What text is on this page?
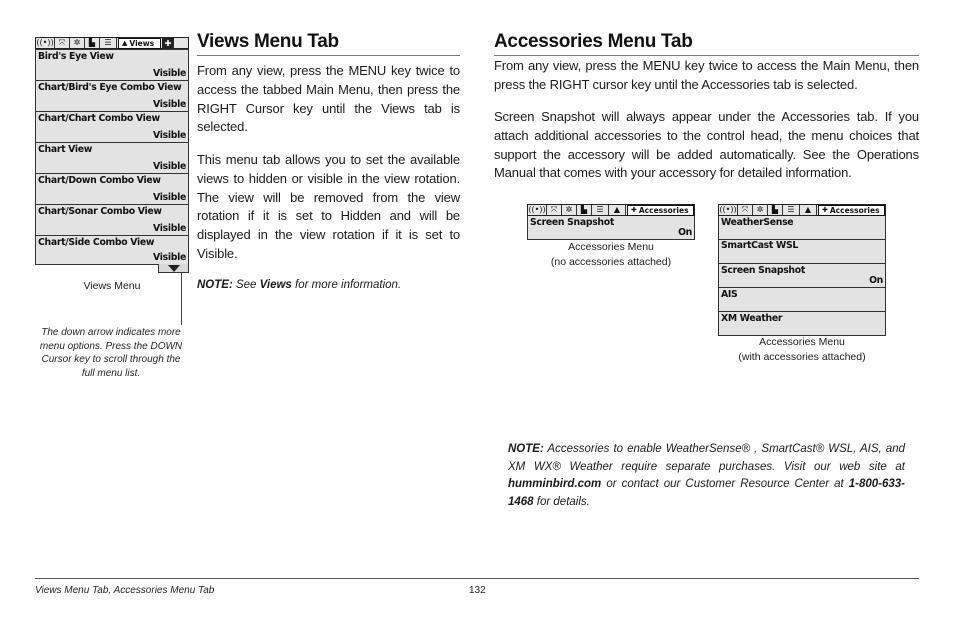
((•)) ⤧	✲	▙	☰	▲ Views	✚
Bird's Eye View
Visible
Chart/Bird's Eye Combo View
Visible
Chart/Chart Combo View
Visible
Chart View
Visible
Chart/Down Combo View
Visible
Chart/Sonar Combo View
Visible
Chart/Side Combo View
Visible
Views Menu
The down arrow indicates more menu options. Press the DOWN Cursor key to scroll through the full menu list.
Views Menu Tab
From any view, press the MENU key twice to access the tabbed Main Menu, then press the RIGHT Cursor key until the Views tab is selected.
This menu tab allows you to set the available views to hidden or visible in the view rotation. The view will be removed from the view rotation if it is set to Hidden and will be displayed in the view rotation if it is set to Visible.
NOTE: See Views for more information.
Accessories Menu Tab
From any view, press the MENU key twice to access the Main Menu, then press the RIGHT cursor key until the Accessories tab is selected.
Screen Snapshot will always appear under the Accessories tab. If you attach additional accessories to the control head, the menu choices that support the accessory will be added automatically. See the Operations Manual that comes with your accessory for detailed information.
((•)) ⤧	✲	▙	☰	▲	✚ Accessories
Screen Snapshot
On
Accessories Menu
(no accessories attached)
((•)) ⤧	✲	▙	☰	▲	✚ Accessories
WeatherSense
SmartCast WSL
Screen Snapshot
On
AIS
XM Weather
Accessories Menu
(with accessories attached)
NOTE: Accessories to enable WeatherSense® , SmartCast® WSL, AIS, and XM WX® Weather require separate purchases. Visit our web site at humminbird.com or contact our Customer Resource Center at 1-800-633-1468 for details.
Views Menu Tab, Accessories Menu Tab	132
